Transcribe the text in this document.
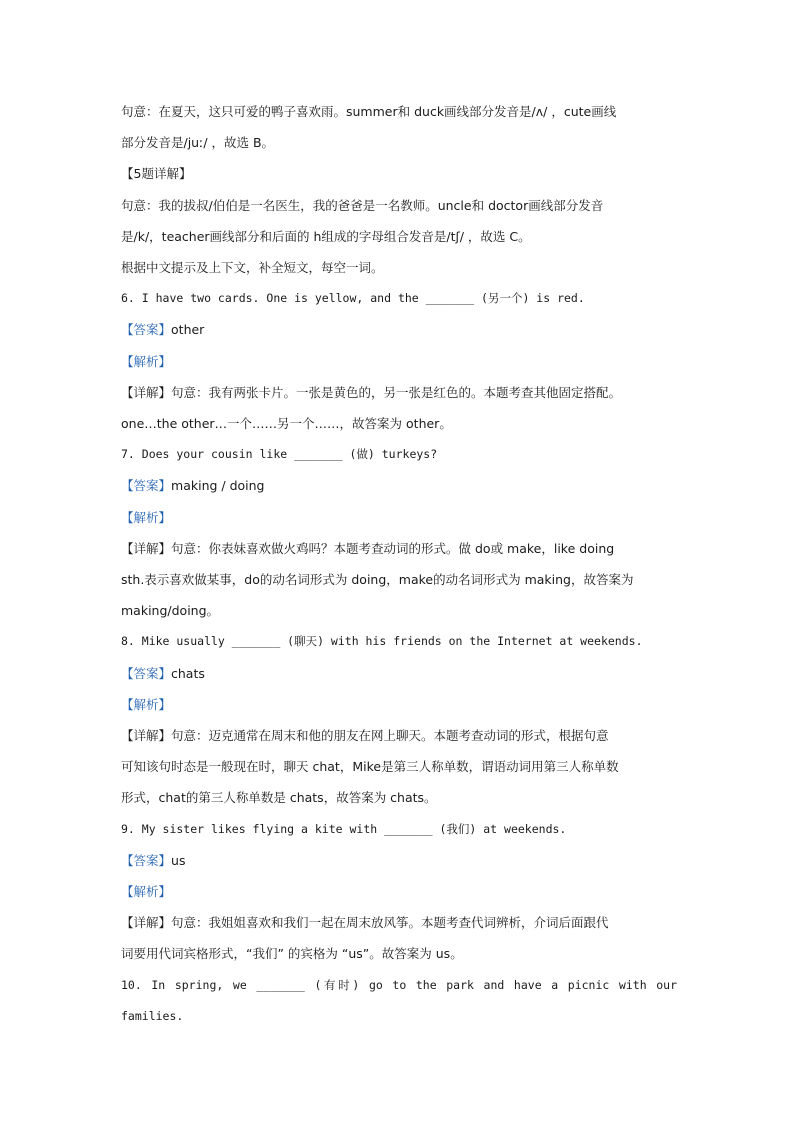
句意：在夏天，这只可爱的鸭子喜欢雨。summer和 duck画线部分发音是/ʌ/ ，cute画线
部分发音是/juː/ ，故选 B。
【5题详解】
句意：我的拔叔/伯伯是一名医生，我的爸爸是一名教师。uncle和 doctor画线部分发音
是/k/，teacher画线部分和后面的 h组成的字母组合发音是/tʃ/ ，故选 C。
根据中文提示及上下文，补全短文，每空一词。
6. I have two cards. One is yellow, and the _______ (另一个) is red.
【答案】other
【解析】
【详解】句意：我有两张卡片。一张是黄色的，另一张是红色的。本题考查其他固定搭配。
one…the other…一个……另一个……，故答案为 other。
7. Does your cousin like _______ (做) turkeys?
【答案】making / doing
【解析】
【详解】句意：你表妹喜欢做火鸡吗？本题考查动词的形式。做 do或 make，like doing
sth.表示喜欢做某事，do的动名词形式为 doing，make的动名词形式为 making，故答案为
making/doing。
8. Mike usually _______ (聊天) with his friends on the Internet at weekends.
【答案】chats
【解析】
【详解】句意：迈克通常在周末和他的朋友在网上聊天。本题考查动词的形式，根据句意
可知该句时态是一般现在时，聊天 chat，Mike是第三人称单数，谓语动词用第三人称单数
形式，chat的第三人称单数是 chats，故答案为 chats。
9. My sister likes flying a kite with _______ (我们) at weekends.
【答案】us
【解析】
【详解】句意：我姐姐喜欢和我们一起在周末放风筝。本题考查代词辨析，介词后面跟代
词要用代词宾格形式，“我们” 的宾格为 “us”。故答案为 us。
10. In spring, we _______ (有时) go to the park and have a picnic with our
families.
